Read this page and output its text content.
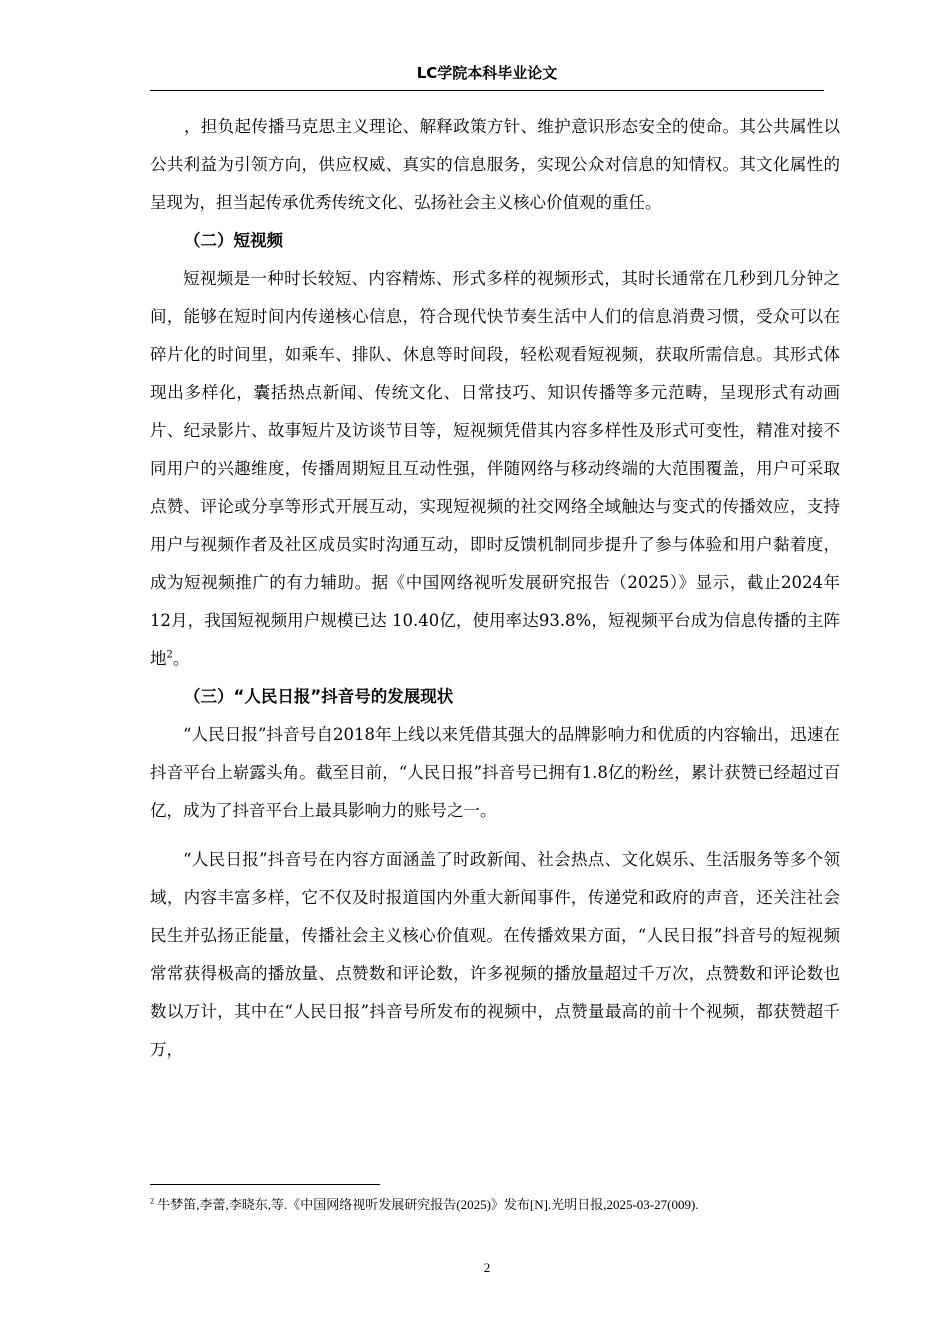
LC学院本科毕业论文

，担负起传播马克思主义理论、解释政策方针、维护意识形态安全的使命。其公共属性以公共利益为引领方向，供应权威、真实的信息服务，实现公众对信息的知情权。其文化属性的呈现为，担当起传承优秀传统文化、弘扬社会主义核心价值观的重任。

（二）短视频

短视频是一种时长较短、内容精炼、形式多样的视频形式，其时长通常在几秒到几分钟之间，能够在短时间内传递核心信息，符合现代快节奏生活中人们的信息消费习惯，受众可以在碎片化的时间里，如乘车、排队、休息等时间段，轻松观看短视频，获取所需信息。其形式体现出多样化，囊括热点新闻、传统文化、日常技巧、知识传播等多元范畴，呈现形式有动画片、纪录影片、故事短片及访谈节目等，短视频凭借其内容多样性及形式可变性，精准对接不同用户的兴趣维度，传播周期短且互动性强，伴随网络与移动终端的大范围覆盖，用户可采取点赞、评论或分享等形式开展互动，实现短视频的社交网络全域触达与变式的传播效应，支持用户与视频作者及社区成员实时沟通互动，即时反馈机制同步提升了参与体验和用户黏着度，成为短视频推广的有力辅助。据《中国网络视听发展研究报告（2025）》显示，截止2024年12月，我国短视频用户规模已达 10.40亿，使用率达93.8%，短视频平台成为信息传播的主阵地$^2$。

（三）“人民日报”抖音号的发展现状

“人民日报”抖音号自2018年上线以来凭借其强大的品牌影响力和优质的内容输出，迅速在抖音平台上崭露头角。截至目前，“人民日报”抖音号已拥有1.8亿的粉丝，累计获赞已经超过百亿，成为了抖音平台上最具影响力的账号之一。

“人民日报”抖音号在内容方面涵盖了时政新闻、社会热点、文化娱乐、生活服务等多个领域，内容丰富多样，它不仅及时报道国内外重大新闻事件，传递党和政府的声音，还关注社会民生并弘扬正能量，传播社会主义核心价值观。在传播效果方面，“人民日报”抖音号的短视频常常获得极高的播放量、点赞数和评论数，许多视频的播放量超过千万次，点赞数和评论数也数以万计，其中在“人民日报”抖音号所发布的视频中，点赞量最高的前十个视频，都获赞超千万，

$^2$ 牛梦笛,李蕾,李晓东,等.《中国网络视听发展研究报告(2025)》发布[N].光明日报,2025-03-27(009).
2
